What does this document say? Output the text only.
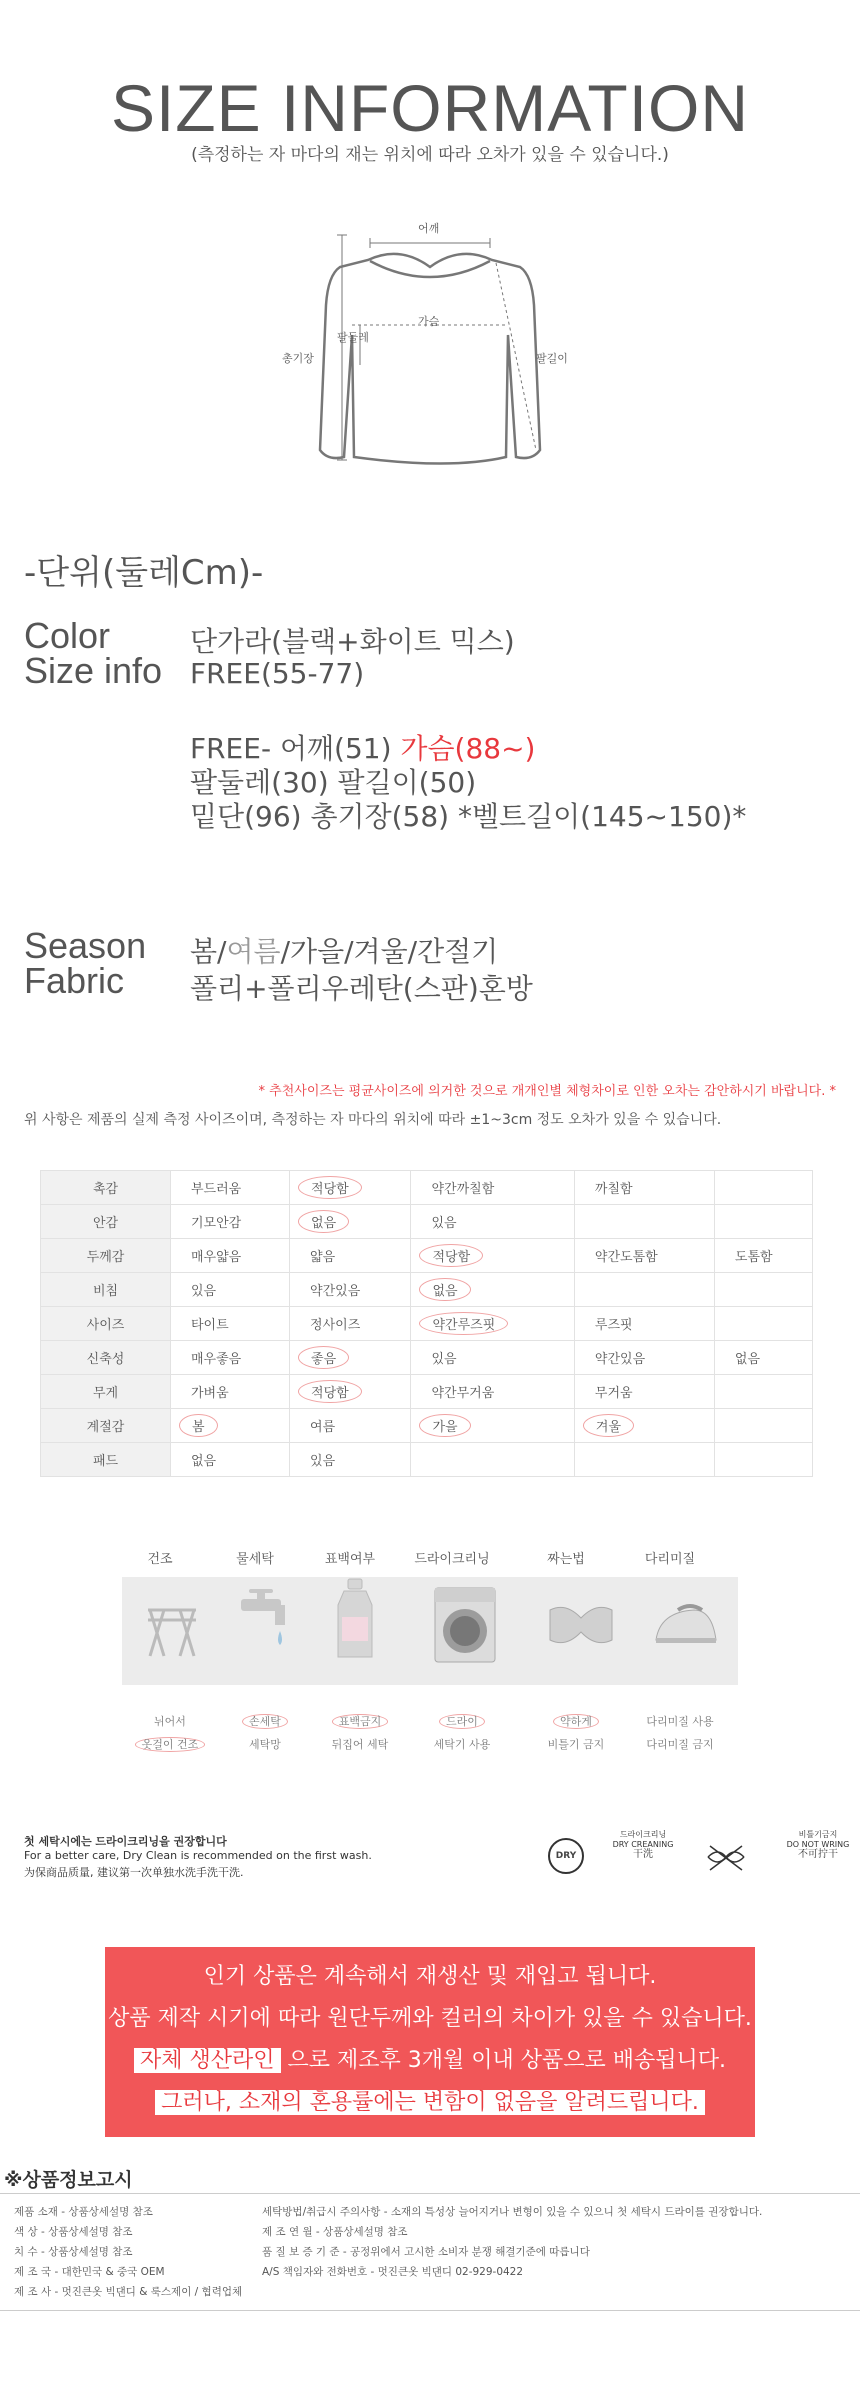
SIZE INFORMATION
(측정하는 자 마다의 재는 위치에 따라 오차가 있을 수 있습니다.)
어깨
가슴
팔둘레
총기장	팔길이
-단위(둘레Cm)-
Color	단가라(블랙+화이트 믹스)
Size info FREE(55-77)
FREE- 어깨(51) 가슴(88~)
팔둘레(30) 팔길이(50)
밑단(96) 총기장(58) *벨트길이(145~150)*
Season 봄/여름/가을/겨울/간절기
Fabric 폴리+폴리우레탄(스판)혼방
* 추천사이즈는 평균사이즈에 의거한 것으로 개개인별 체형차이로 인한 오차는 감안하시기 바랍니다. *
위 사항은 제품의 실제 측정 사이즈이며, 측정하는 자 마다의 위치에 따라 ±1~3cm 정도 오차가 있을 수 있습니다.
촉감	부드러움	적당함	약간까칠함	까칠함	
안감	기모안감	없음	있음		
두께감	매우얇음	얇음	적당함	약간도톰함	도톰함
비침	있음	약간있음	없음		
사이즈	타이트	정사이즈	약간루즈핏	루즈핏	
신축성	매우좋음	좋음	있음	약간있음	없음
무게	가벼움	적당함	약간무거움	무거움	
계절감	봄	여름	가을	겨울	
패드	없음	있음			
건조
뉘어서
옷걸이 건조
물세탁
손세탁
세탁망
표백여부
표백금지
뒤집어 세탁
드라이크리닝
드라이
세탁기 사용
짜는법
약하게
비틀기 금지
다리미질
다리미질 사용
다리미질 금지
첫 세탁시에는 드라이크리닝을 권장합니다
For a better care, Dry Clean is recommended on the first wash.
为保商品质量, 建议第一次单独水洗手洗干洗.
DRY
드라이크리닝
DRY CREANING
干洗
비틀기금지
DO NOT WRING
不可拧干
인기 상품은 계속해서 재생산 및 재입고 됩니다.
상품 제작 시기에 따라 원단두께와 컬러의 차이가 있을 수 있습니다.
자체 생산라인 으로 제조후 3개월 이내 상품으로 배송됩니다.
그러나, 소재의 혼용률에는 변함이 없음을 알려드립니다.
※상품정보고시
제품 소재 - 상품상세설명 참조	세탁방법/취급시 주의사항 - 소재의 특성상 늘어지거나 변형이 있을 수 있으니 첫 세탁시 드라이를 권장합니다.
색 상 - 상품상세설명 참조	제 조 연 월 - 상품상세설명 참조
치 수 - 상품상세설명 참조	품 질 보 증 기 준 - 공정위에서 고시한 소비자 분쟁 해결기준에 따릅니다
제 조 국 - 대한민국 & 중국 OEM	A/S 책임자와 전화번호 - 멋진큰옷 빅댄디 02-929-0422
제 조 사 - 멋진큰옷 빅댄디 & 룩스제이 / 협력업체
